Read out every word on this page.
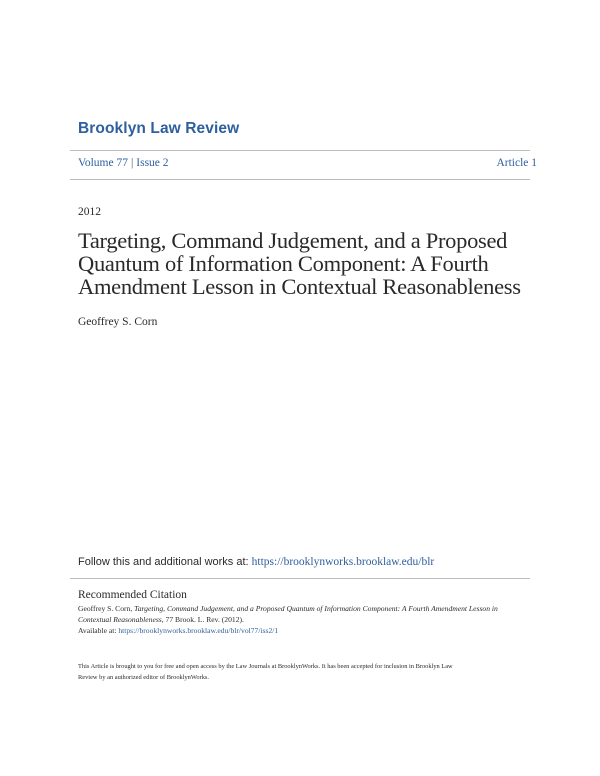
Brooklyn Law Review
Volume 77 | Issue 2	Article 1
2012
Targeting, Command Judgement, and a Proposed
Quantum of Information Component: A Fourth
Amendment Lesson in Contextual Reasonableness
Geoffrey S. Corn
Follow this and additional works at: https://brooklynworks.brooklaw.edu/blr
Recommended Citation
Geoffrey S. Corn, Targeting, Command Judgement, and a Proposed Quantum of Information Component: A Fourth Amendment Lesson in
Contextual Reasonableness, 77 Brook. L. Rev. (2012).
Available at: https://brooklynworks.brooklaw.edu/blr/vol77/iss2/1
This Article is brought to you for free and open access by the Law Journals at BrooklynWorks. It has been accepted for inclusion in Brooklyn Law
Review by an authorized editor of BrooklynWorks.
